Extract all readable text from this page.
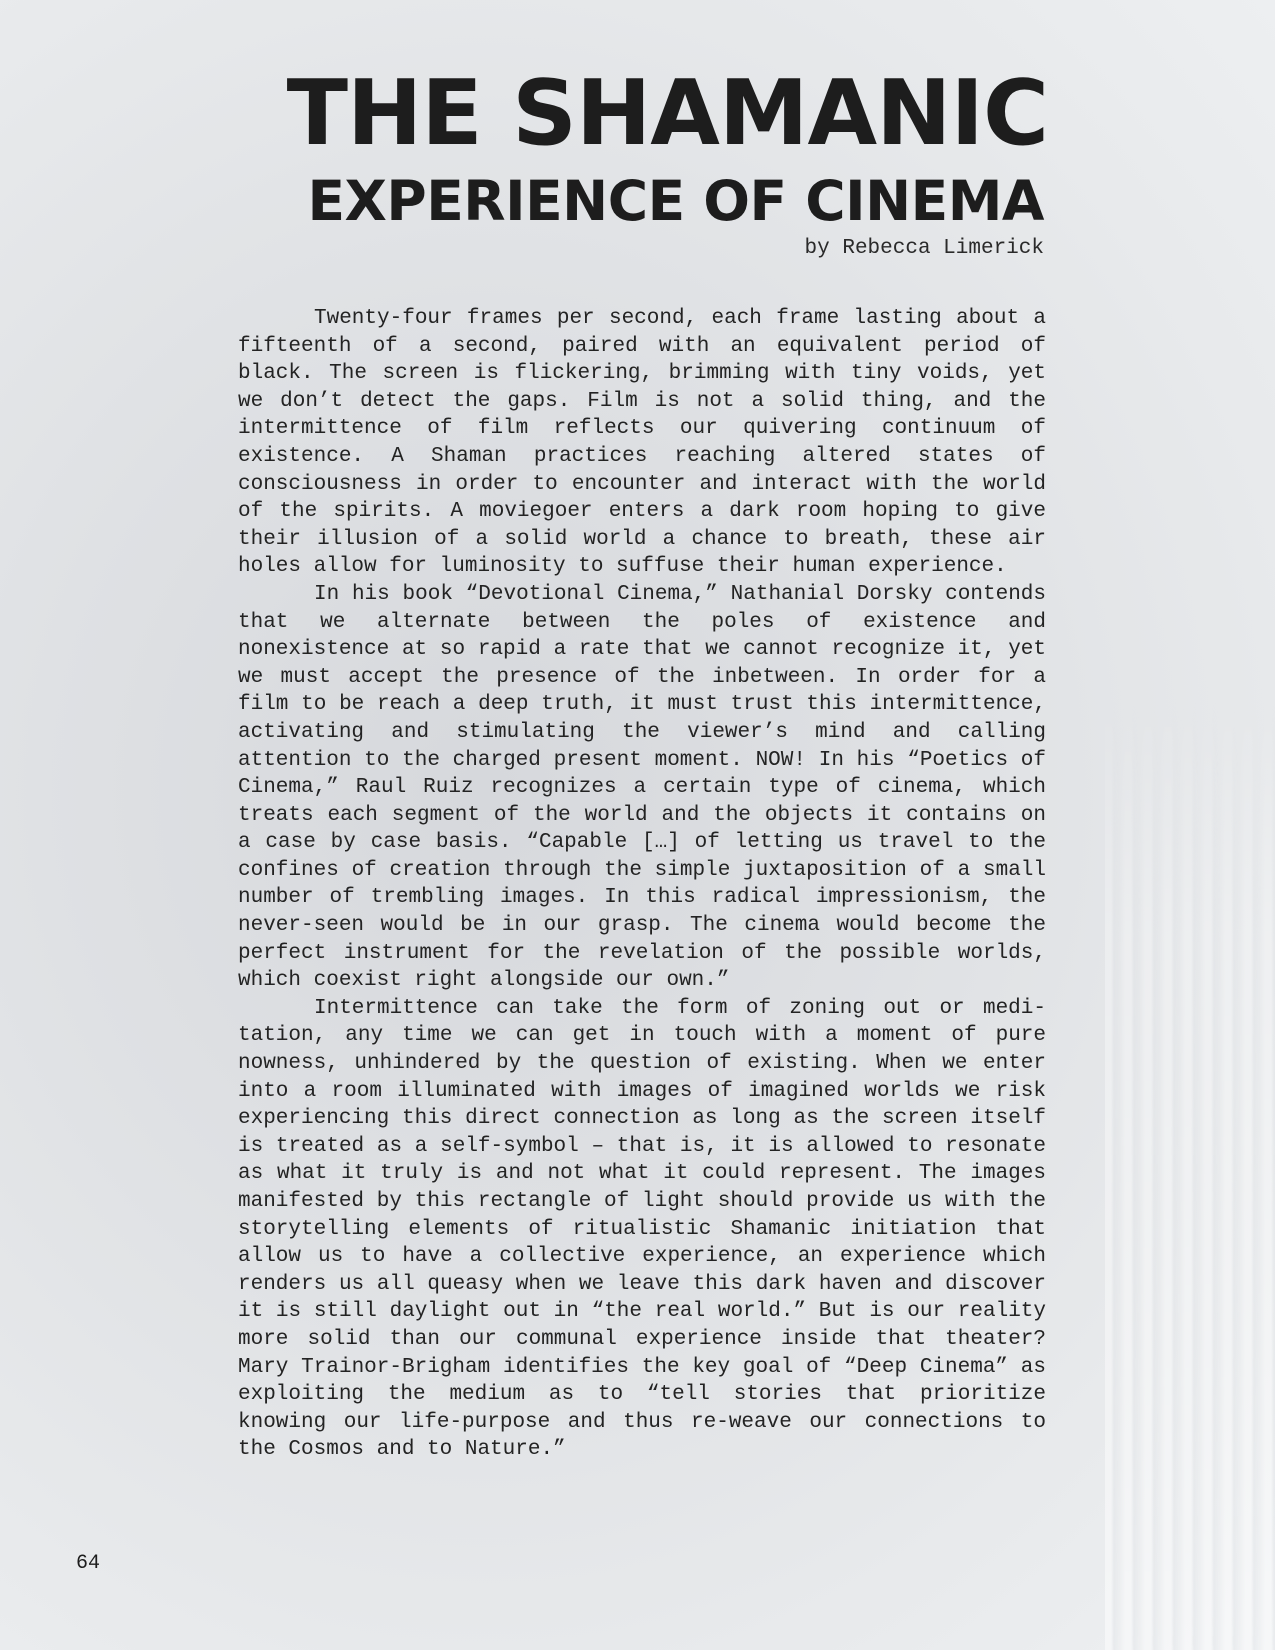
THE SHAMANIC
EXPERIENCE OF CINEMA
by Rebecca Limerick

Twenty-four frames per second, each frame lasting about a fifteenth of a second, paired with an equivalent period of black. The screen is flickering, brimming with tiny voids, yet we don’t detect the gaps. Film is not a solid thing, and the intermittence of film reflects our quivering continuum of existence. A Shaman practices reaching altered states of consciousness in order to encounter and interact with the world of the spirits. A moviegoer enters a dark room hoping to give their illusion of a solid world a chance to breath, these air holes allow for luminosity to suffuse their human experience.

In his book “Devotional Cinema,” Nathanial Dorsky contends that we alternate between the poles of existence and nonexistence at so rapid a rate that we cannot recognize it, yet we must accept the presence of the inbetween. In order for a film to be reach a deep truth, it must trust this intermittence, activating and stimulating the viewer’s mind and calling attention to the charged present moment. NOW! In his “Poetics of Cinema,” Raul Ruiz recognizes a certain type of cinema, which treats each segment of the world and the objects it contains on a case by case basis. “Capable […] of letting us travel to the confines of creation through the simple juxtaposition of a small number of trembling images. In this radical impressionism, the never-seen would be in our grasp. The cinema would become the perfect instrument for the revelation of the possible worlds, which coexist right alongside our own.”

Intermittence can take the form of zoning out or meditation, any time we can get in touch with a moment of pure nowness, unhindered by the question of existing. When we enter into a room illuminated with images of imagined worlds we risk experiencing this direct connection as long as the screen itself is treated as a self-symbol – that is, it is allowed to resonate as what it truly is and not what it could represent. The images manifested by this rectangle of light should provide us with the storytelling elements of ritualistic Shamanic initiation that allow us to have a collective experience, an experience which renders us all queasy when we leave this dark haven and discover it is still daylight out in “the real world.” But is our reality more solid than our communal experience inside that theater? Mary Trainor-Brigham identifies the key goal of “Deep Cinema” as exploiting the medium as to “tell stories that prioritize knowing our life-purpose and thus re-weave our connections to the Cosmos and to Nature.”

64
